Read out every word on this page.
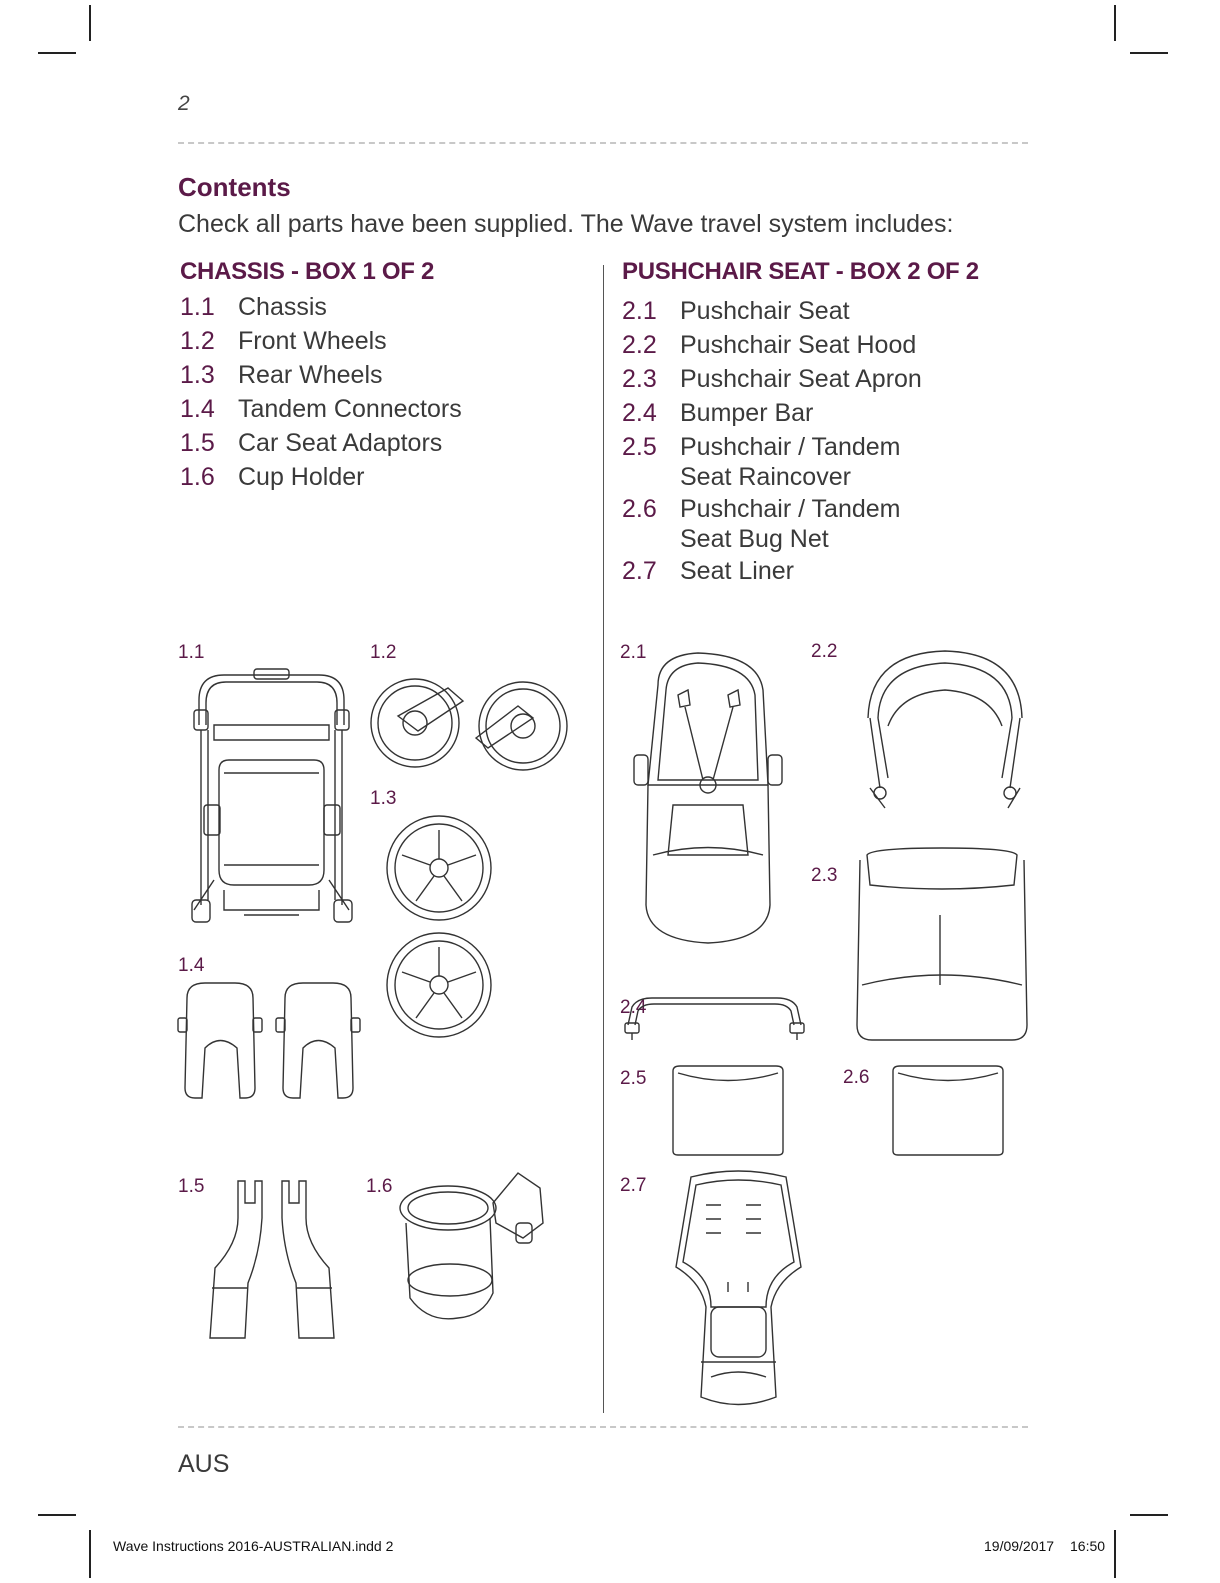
2
Contents
Check all parts have been supplied. The Wave travel system includes:
CHASSIS - BOX 1 OF 2
1.1 Chassis
1.2 Front Wheels
1.3 Rear Wheels
1.4 Tandem Connectors
1.5 Car Seat Adaptors
1.6 Cup Holder
PUSHCHAIR SEAT - BOX 2 OF 2
2.1 Pushchair Seat
2.2 Pushchair Seat Hood
2.3 Pushchair Seat Apron
2.4 Bumper Bar
2.5 Pushchair / Tandem
Seat Raincover
2.6 Pushchair / Tandem
Seat Bug Net
2.7 Seat Liner
1.1	1.2
1.3
1.4
1.5	1.6
2.1	2.2
2.3
2.4
2.5	2.6
2.7
AUS
Wave Instructions 2016-AUSTRALIAN.indd 2	19/09/2017 16:50
